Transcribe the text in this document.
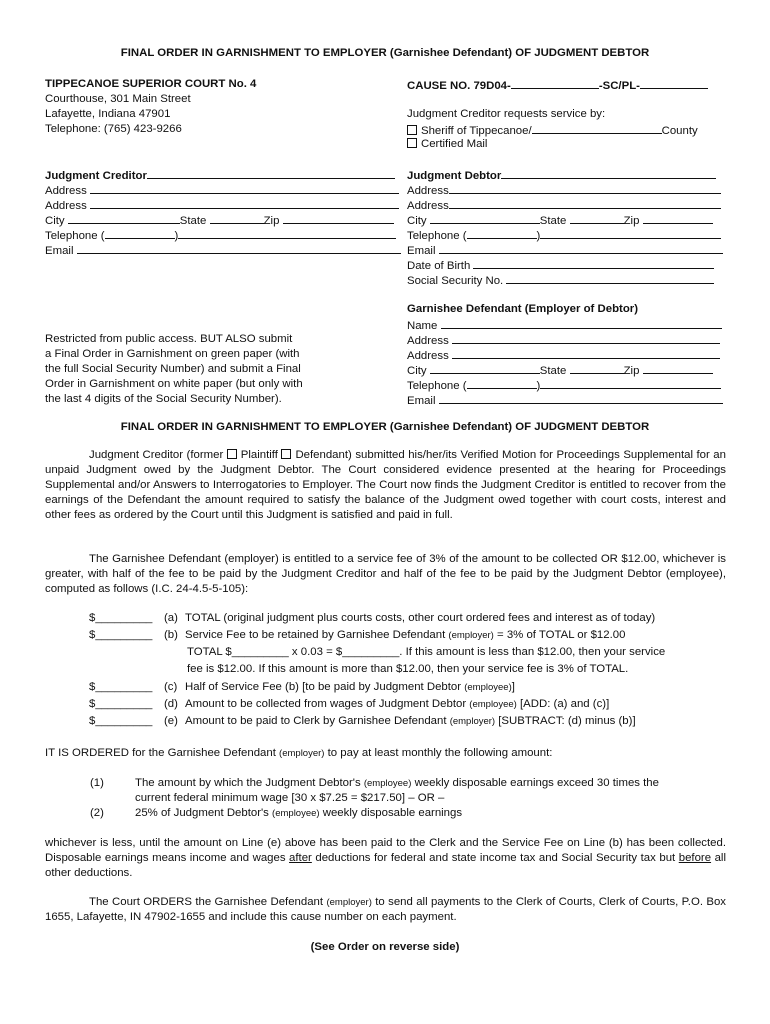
FINAL ORDER IN GARNISHMENT TO EMPLOYER (Garnishee Defendant) OF JUDGMENT DEBTOR
TIPPECANOE SUPERIOR COURT No. 4
Courthouse, 301 Main Street
Lafayette, Indiana 47901
Telephone: (765) 423-9266
CAUSE NO. 79D04-	-SC/PL-
Judgment Creditor requests service by:
Sheriff of Tippecanoe/	County
Certified Mail
Judgment Creditor
Address
Address
City	State	Zip
Telephone (	)
Email
Judgment Debtor
Address
Address
City	State	Zip
Telephone (	)
Email
Date of Birth
Social Security No.
Garnishee Defendant (Employer of Debtor)
Name
Address
Address
City	State	Zip
Telephone (	)
Email
Restricted from public access. BUT ALSO submit
a Final Order in Garnishment on green paper (with
the full Social Security Number) and submit a Final
Order in Garnishment on white paper (but only with
the last 4 digits of the Social Security Number).
FINAL ORDER IN GARNISHMENT TO EMPLOYER (Garnishee Defendant) OF JUDGMENT DEBTOR
Judgment Creditor (former Plaintiff Defendant) submitted his/her/its Verified Motion for Proceedings Supplemental for an unpaid Judgment owed by the Judgment Debtor. The Court considered evidence presented at the hearing for Proceedings Supplemental and/or Answers to Interrogatories to Employer. The Court now finds the Judgment Creditor is entitled to recover from the earnings of the Defendant the amount required to satisfy the balance of the Judgment owed together with court costs, interest and other fees as ordered by the Court until this Judgment is satisfied and paid in full.
The Garnishee Defendant (employer) is entitled to a service fee of 3% of the amount to be collected OR $12.00, whichever is greater, with half of the fee to be paid by the Judgment Creditor and half of the fee to be paid by the Judgment Debtor (employee), computed as follows (I.C. 24-4.5-5-105):
$_________ (a) TOTAL (original judgment plus courts costs, other court ordered fees and interest as of today)
$_________ (b) Service Fee to be retained by Garnishee Defendant (employer) = 3% of TOTAL or $12.00
TOTAL $_________ x 0.03 = $_________. If this amount is less than $12.00, then your service
fee is $12.00. If this amount is more than $12.00, then your service fee is 3% of TOTAL.
$_________ (c) Half of Service Fee (b) [to be paid by Judgment Debtor (employee)]
$_________ (d) Amount to be collected from wages of Judgment Debtor (employee) [ADD: (a) and (c)]
$_________ (e) Amount to be paid to Clerk by Garnishee Defendant (employer) [SUBTRACT: (d) minus (b)]
IT IS ORDERED for the Garnishee Defendant (employer) to pay at least monthly the following amount:
(1)	The amount by which the Judgment Debtor's (employee) weekly disposable earnings exceed 30 times the
current federal minimum wage [30 x $7.25 = $217.50] – OR –
(2)	25% of Judgment Debtor's (employee) weekly disposable earnings
whichever is less, until the amount on Line (e) above has been paid to the Clerk and the Service Fee on Line (b) has been collected. Disposable earnings means income and wages after deductions for federal and state income tax and Social Security tax but before all other deductions.
The Court ORDERS the Garnishee Defendant (employer) to send all payments to the Clerk of Courts, Clerk of Courts, P.O. Box 1655, Lafayette, IN 47902-1655 and include this cause number on each payment.
(See Order on reverse side)
